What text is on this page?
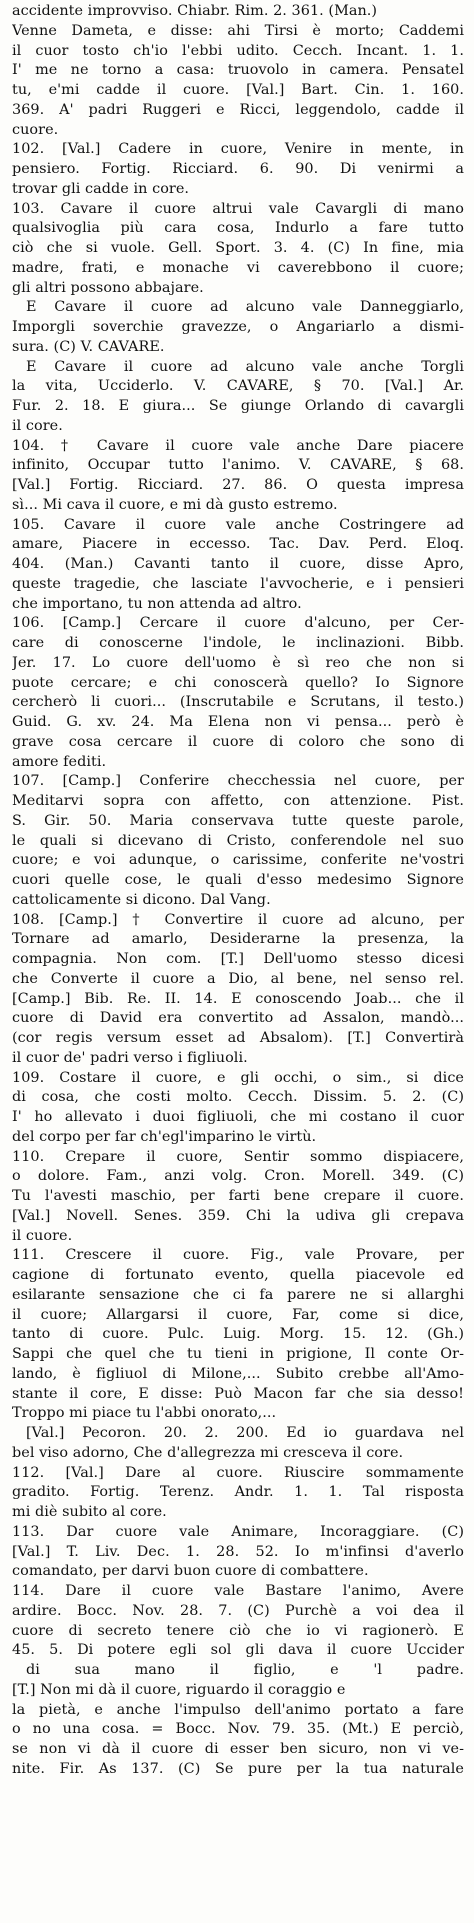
accidente improvviso. Chiabr. Rim. 2. 361. (Man.)
Venne Dameta, e disse: ahi Tirsi è morto; Caddemi
il cuor tosto ch'io l'ebbi udito. Cecch. Incant. 1. 1.
I' me ne torno a casa: truovolo in camera. Pensatel
tu, e'mi cadde il cuore. [Val.] Bart. Cin. 1. 160.
369. A' padri Ruggeri e Ricci, leggendolo, cadde il
cuore.
102. [Val.] Cadere in cuore, Venire in mente, in
pensiero. Fortig. Ricciard. 6. 90. Di venirmi a
trovar gli cadde in core.
103. Cavare il cuore altrui vale Cavargli di mano
qualsivoglia più cara cosa, Indurlo a fare tutto
ciò che si vuole. Gell. Sport. 3. 4. (C) In fine, mia
madre, frati, e monache vi caverebbono il cuore;
gli altri possono abbajare.
E Cavare il cuore ad alcuno vale Danneggiarlo,
Imporgli soverchie gravezze, o Angariarlo a dismi-
sura. (C) V. CAVARE.
E Cavare il cuore ad alcuno vale anche Torgli
la vita, Ucciderlo. V. CAVARE, § 70. [Val.] Ar.
Fur. 2. 18. E giura... Se giunge Orlando di cavargli
il core.
104. † Cavare il cuore vale anche Dare piacere
infinito, Occupar tutto l'animo. V. CAVARE, § 68.
[Val.] Fortig. Ricciard. 27. 86. O questa impresa
sì... Mi cava il cuore, e mi dà gusto estremo.
105. Cavare il cuore vale anche Costringere ad
amare, Piacere in eccesso. Tac. Dav. Perd. Eloq.
404. (Man.) Cavanti tanto il cuore, disse Apro,
queste tragedie, che lasciate l'avvocherie, e i pensieri
che importano, tu non attenda ad altro.
106. [Camp.] Cercare il cuore d'alcuno, per Cer-
care di conoscerne l'indole, le inclinazioni. Bibb.
Jer. 17. Lo cuore dell'uomo è sì reo che non si
puote cercare; e chi conoscerà quello? Io Signore
cercherò li cuori... (Inscrutabile e Scrutans, il testo.)
Guid. G. xv. 24. Ma Elena non vi pensa... però è
grave cosa cercare il cuore di coloro che sono di
amore fediti.
107. [Camp.] Conferire checchessia nel cuore, per
Meditarvi sopra con affetto, con attenzione. Pist.
S. Gir. 50. Maria conservava tutte queste parole,
le quali si dicevano di Cristo, conferendole nel suo
cuore; e voi adunque, o carissime, conferite ne'vostri
cuori quelle cose, le quali d'esso medesimo Signore
cattolicamente si dicono. Dal Vang.
108. [Camp.] † Convertire il cuore ad alcuno, per
Tornare ad amarlo, Desiderarne la presenza, la
compagnia. Non com. [T.] Dell'uomo stesso dicesi
che Converte il cuore a Dio, al bene, nel senso rel.
[Camp.] Bib. Re. II. 14. E conoscendo Joab... che il
cuore di David era convertito ad Assalon, mandò...
(cor regis versum esset ad Absalom). [T.] Convertirà
il cuor de' padri verso i figliuoli.
109. Costare il cuore, e gli occhi, o sim., si dice
di cosa, che costi molto. Cecch. Dissim. 5. 2. (C)
I' ho allevato i duoi figliuoli, che mi costano il cuor
del corpo per far ch'egl'imparino le virtù.
110. Crepare il cuore, Sentir sommo dispiacere,
o dolore. Fam., anzi volg. Cron. Morell. 349. (C)
Tu l'avesti maschio, per farti bene crepare il cuore.
[Val.] Novell. Senes. 359. Chi la udiva gli crepava
il cuore.
111. Crescere il cuore. Fig., vale Provare, per
cagione di fortunato evento, quella piacevole ed
esilarante sensazione che ci fa parere ne si allarghi
il cuore; Allargarsi il cuore, Far, come si dice,
tanto di cuore. Pulc. Luig. Morg. 15. 12. (Gh.)
Sappi che quel che tu tieni in prigione, Il conte Or-
lando, è figliuol di Milone,... Subito crebbe all'Amo-
stante il core, E disse: Può Macon far che sia desso!
Troppo mi piace tu l'abbi onorato,...
[Val.] Pecoron. 20. 2. 200. Ed io guardava nel
bel viso adorno, Che d'allegrezza mi cresceva il core.
112. [Val.] Dare al cuore. Riuscire sommamente
gradito. Fortig. Terenz. Andr. 1. 1. Tal risposta
mi diè subito al core.
113. Dar cuore vale Animare, Incoraggiare. (C)
[Val.] T. Liv. Dec. 1. 28. 52. Io m'infinsi d'averlo
comandato, per darvi buon cuore di combattere.
114. Dare il cuore vale Bastare l'animo, Avere
ardire. Bocc. Nov. 28. 7. (C) Purchè a voi dea il
cuore di secreto tenere ciò che io vi ragionerò. E
45. 5. Di potere egli sol gli dava il cuore Uccider
di sua mano il figlio, e 'l padre.
[T.] Non mi dà il cuore, riguardo il coraggio e
la pietà, e anche l'impulso dell'animo portato a fare
o no una cosa. = Bocc. Nov. 79. 35. (Mt.) E perciò,
se non vi dà il cuore di esser ben sicuro, non vi ve-
nite. Fir. As 137. (C) Se pure per la tua naturale
